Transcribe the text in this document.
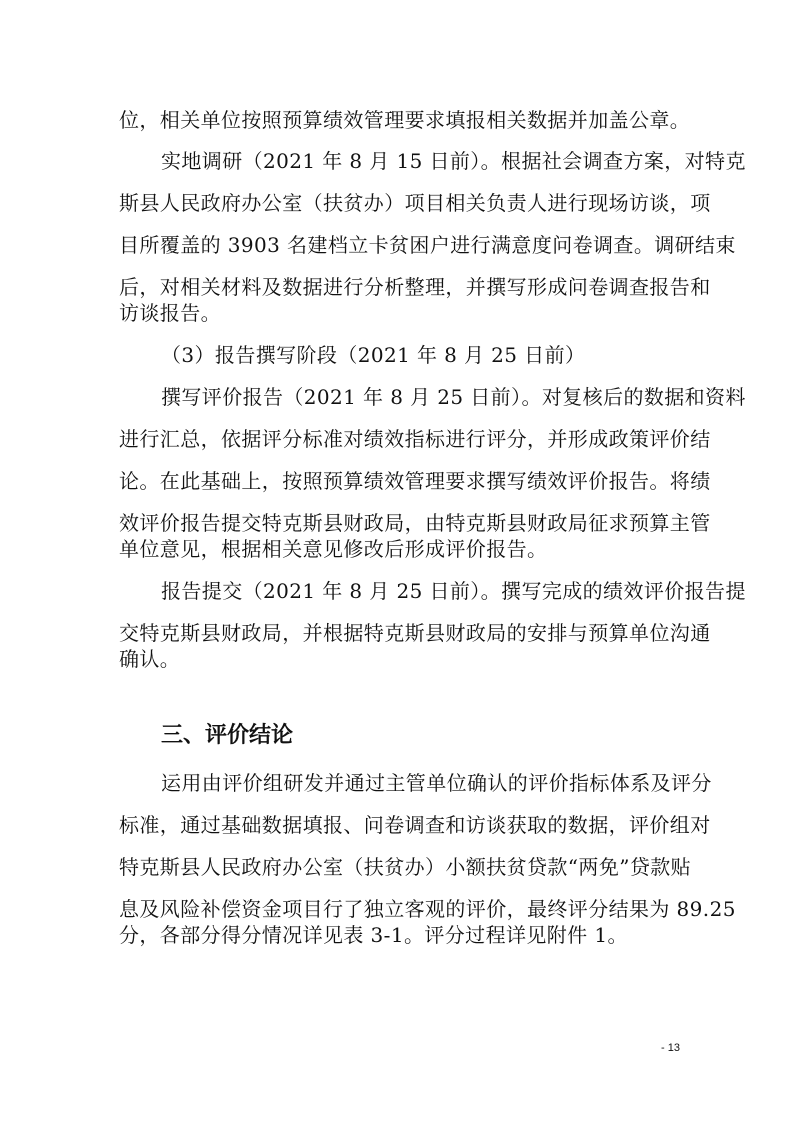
位，相关单位按照预算绩效管理要求填报相关数据并加盖公章。
实地调研（2021 年 8 月 15 日前）。根据社会调查方案，对特克
斯县人民政府办公室（扶贫办）项目相关负责人进行现场访谈，项
目所覆盖的 3903 名建档立卡贫困户进行满意度问卷调查。调研结束
后，对相关材料及数据进行分析整理，并撰写形成问卷调查报告和
访谈报告。
（3）报告撰写阶段（2021 年 8 月 25 日前）
撰写评价报告（2021 年 8 月 25 日前）。对复核后的数据和资料
进行汇总，依据评分标准对绩效指标进行评分，并形成政策评价结
论。在此基础上，按照预算绩效管理要求撰写绩效评价报告。将绩
效评价报告提交特克斯县财政局，由特克斯县财政局征求预算主管
单位意见，根据相关意见修改后形成评价报告。
报告提交（2021 年 8 月 25 日前）。撰写完成的绩效评价报告提
交特克斯县财政局，并根据特克斯县财政局的安排与预算单位沟通
确认。
三、评价结论
运用由评价组研发并通过主管单位确认的评价指标体系及评分
标准，通过基础数据填报、问卷调查和访谈获取的数据，评价组对
特克斯县人民政府办公室（扶贫办）小额扶贫贷款“两免”贷款贴
息及风险补偿资金项目行了独立客观的评价，最终评分结果为 89.25
分，各部分得分情况详见表 3-1。评分过程详见附件 1。
- 13
